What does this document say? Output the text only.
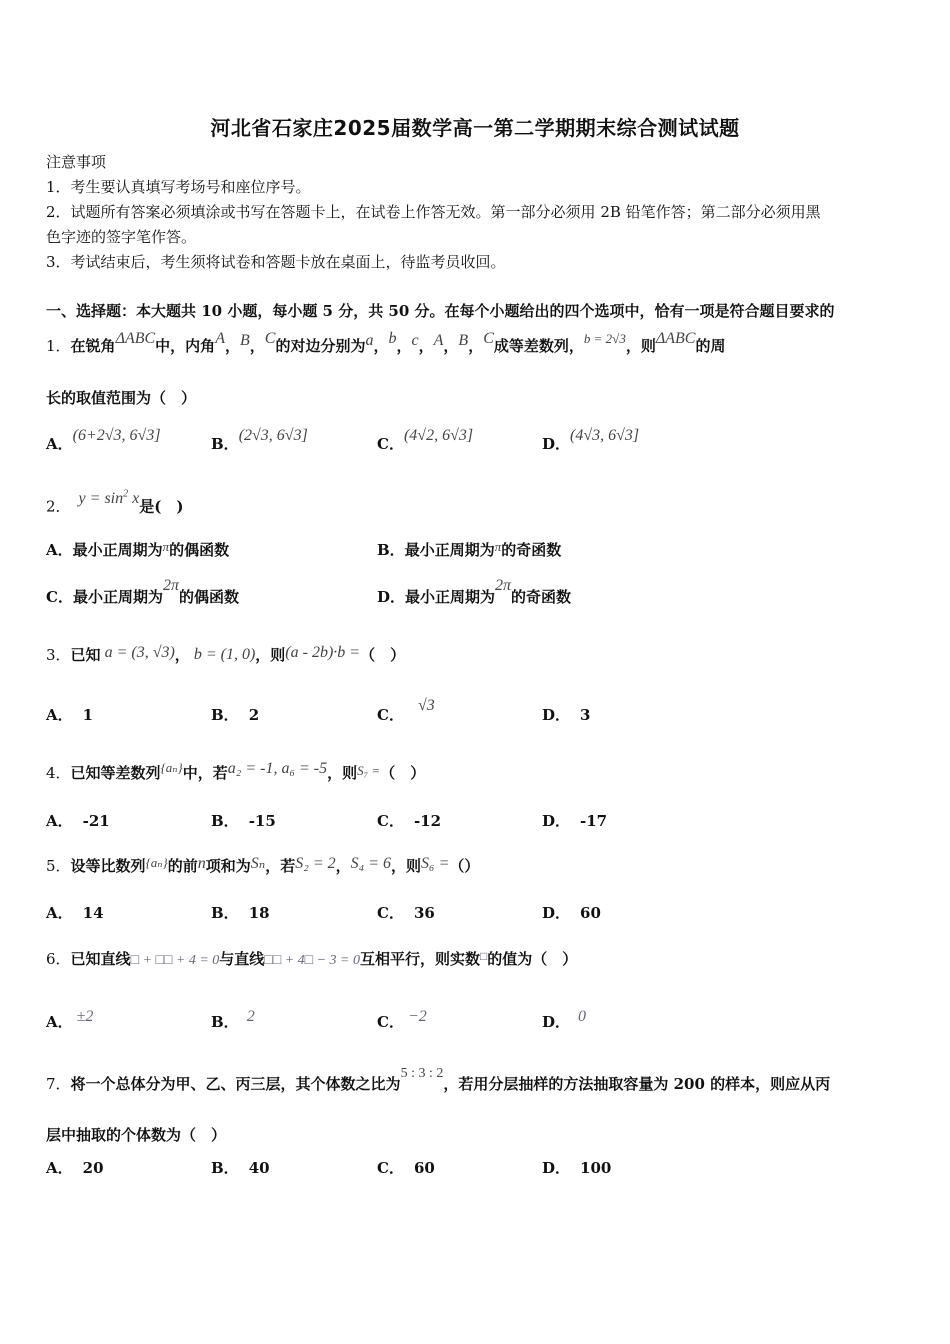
河北省石家庄2025届数学高一第二学期期末综合测试试题
注意事项
1．考生要认真填写考场号和座位序号。
2．试题所有答案必须填涂或书写在答题卡上，在试卷上作答无效。第一部分必须用 2B 铅笔作答；第二部分必须用黑
色字迹的签字笔作答。
3．考试结束后，考生须将试卷和答题卡放在桌面上，待监考员收回。
一、选择题：本大题共 10 小题，每小题 5 分，共 50 分。在每个小题给出的四个选项中，恰有一项是符合题目要求的
1．在锐角ΔABC中，内角A，B，C的对边分别为a，b，c，A，B，C成等差数列，b = 2√3，则ΔABC的周
长的取值范围为（　）
A．(6+2√3, 6√3]	B．(2√3, 6√3]	C．(4√2, 6√3]	D．(4√3, 6√3]
2． $y = \sin^2 x$是(　)
A．最小正周期为π的偶函数	B．最小正周期为π的奇函数
C．最小正周期为2π的偶函数	D．最小正周期为2π的奇函数
3．已知 a = (3, √3)， b = (1, 0)，则(a - 2b)·b =（　）
A． 1	B． 2	C．√3
D． 3
4．已知等差数列{aₙ}中，若a₂ = -1, a₆ = -5，则S₇ =（　）
A． -21	B． -15	C． -12	D． -17
5．设等比数列{aₙ}的前n项和为Sₙ，若S₂ = 2，S₄ = 6，则S₆ =（）
A． 14	B． 18	C． 36	D． 60
6．已知直线□ + □□ + 4 = 0与直线□□ + 4□ − 3 = 0互相平行，则实数□的值为（　）
A． ±2	B． 2	C． −2	D． 0
7．将一个总体分为甲、乙、丙三层，其个体数之比为5 : 3 : 2，若用分层抽样的方法抽取容量为 200 的样本，则应从丙
层中抽取的个体数为（　）
A． 20	B． 40	C． 60	D． 100
